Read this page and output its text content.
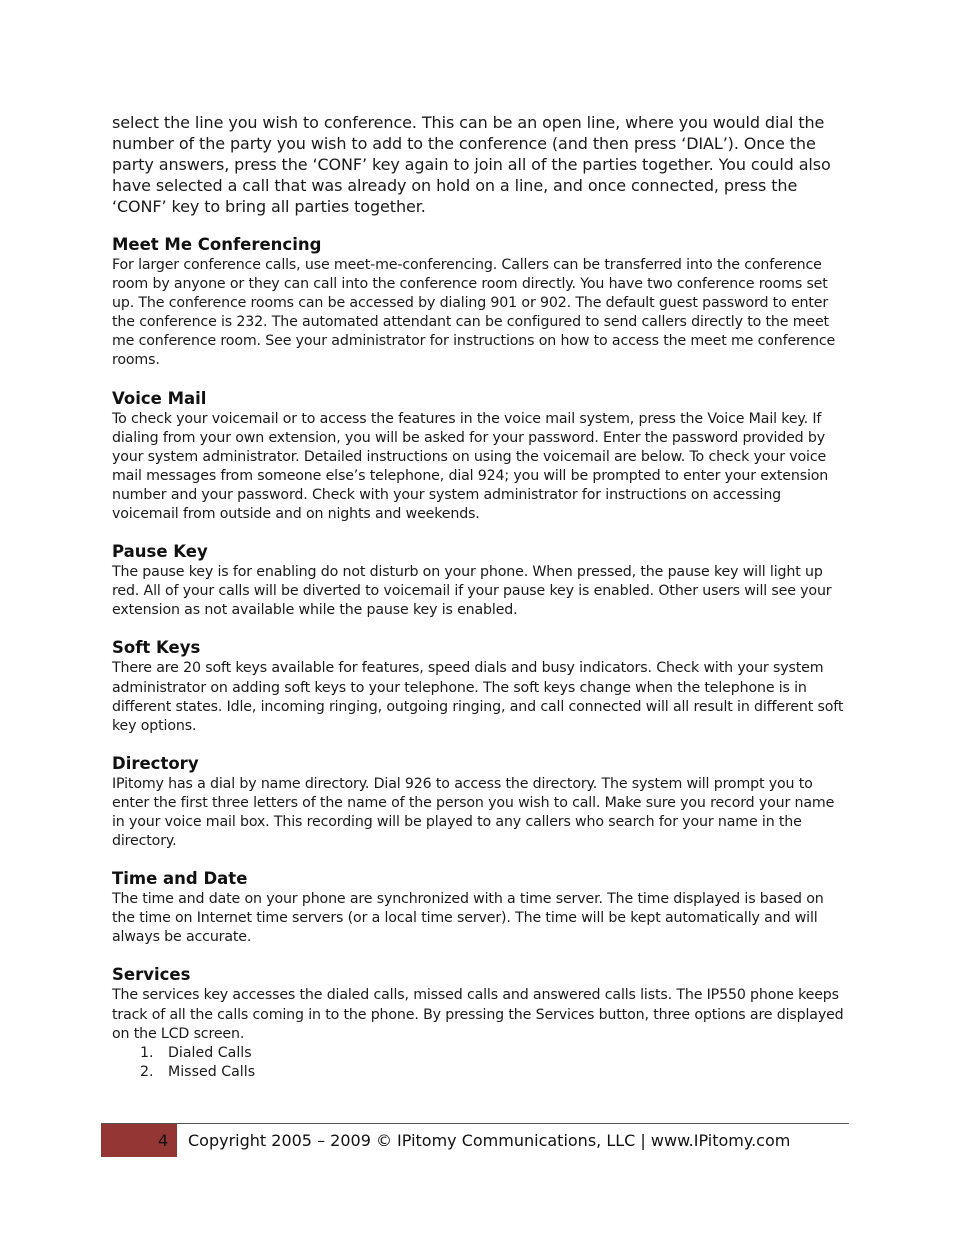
select the line you wish to conference. This can be an open line, where you would dial the number of the party you wish to add to the conference (and then press ‘DIAL’). Once the party answers, press the ‘CONF’ key again to join all of the parties together. You could also have selected a call that was already on hold on a line, and once connected, press the ‘CONF’ key to bring all parties together.

Meet Me Conferencing

For larger conference calls, use meet-me-conferencing. Callers can be transferred into the conference room by anyone or they can call into the conference room directly. You have two conference rooms set up. The conference rooms can be accessed by dialing 901 or 902. The default guest password to enter the conference is 232. The automated attendant can be configured to send callers directly to the meet me conference room. See your administrator for instructions on how to access the meet me conference rooms.

Voice Mail

To check your voicemail or to access the features in the voice mail system, press the Voice Mail key. If dialing from your own extension, you will be asked for your password. Enter the password provided by your system administrator. Detailed instructions on using the voicemail are below. To check your voice mail messages from someone else’s telephone, dial 924; you will be prompted to enter your extension number and your password. Check with your system administrator for instructions on accessing voicemail from outside and on nights and weekends.

Pause Key

The pause key is for enabling do not disturb on your phone. When pressed, the pause key will light up red. All of your calls will be diverted to voicemail if your pause key is enabled. Other users will see your extension as not available while the pause key is enabled.

Soft Keys

There are 20 soft keys available for features, speed dials and busy indicators. Check with your system administrator on adding soft keys to your telephone. The soft keys change when the telephone is in different states. Idle, incoming ringing, outgoing ringing, and call connected will all result in different soft key options.

Directory

IPitomy has a dial by name directory. Dial 926 to access the directory. The system will prompt you to enter the first three letters of the name of the person you wish to call. Make sure you record your name in your voice mail box. This recording will be played to any callers who search for your name in the directory.

Time and Date

The time and date on your phone are synchronized with a time server. The time displayed is based on the time on Internet time servers (or a local time server). The time will be kept automatically and will always be accurate.

Services

The services key accesses the dialed calls, missed calls and answered calls lists. The IP550 phone keeps track of all the calls coming in to the phone. By pressing the Services button, three options are displayed on the LCD screen.

1. Dialed Calls
2. Missed Calls
4 Copyright 2005 – 2009 © IPitomy Communications, LLC | www.IPitomy.com
